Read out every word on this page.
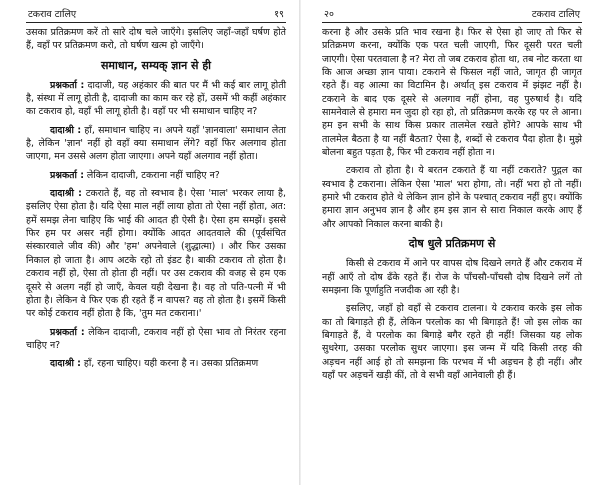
टकराव टालिए	१९

उसका प्रतिक्रमण करें तो सारे दोष चले जाएँगे। इसलिए जहाँ-जहाँ घर्षण होते हैं, वहाँ पर प्रतिक्रमण करो, तो घर्षण खत्म हो जाएँगे।

समाधान, सम्यक् ज्ञान से ही

प्रश्नकर्ता : दादाजी, यह अहंकार की बात पर मैं भी कई बार लागू होती है, संस्था में लागू होती है, दादाजी का काम कर रहे हों, उसमें भी कहीं अहंकार का टकराव हो, वहाँ भी लागू होती है। वहाँ पर भी समाधान चाहिए न?

दादाश्री : हाँ, समाधान चाहिए न। अपने यहाँ 'ज्ञानवाला' समाधान लेता है, लेकिन 'ज्ञान' नहीं हो वहाँ क्या समाधान लेंगे? वहाँ फिर अलगाव होता जाएगा, मन उससे अलग होता जाएगा। अपने यहाँ अलगाव नहीं होता।

प्रश्नकर्ता : लेकिन दादाजी, टकराना नहीं चाहिए न?

दादाश्री : टकराते हैं, वह तो स्वभाव है। ऐसा 'माल' भरकर लाया है, इसलिए ऐसा होता है। यदि ऐसा माल नहीं लाया होता तो ऐसा नहीं होता, अत: हमें समझ लेना चाहिए कि भाई की आदत ही ऐसी है। ऐसा हम समझें। इससे फिर हम पर असर नहीं होगा। क्योंकि आदत आदतवाले की (पूर्वसंचित संस्कारवाले जीव की) और 'हम' अपनेवाले (शुद्धात्मा) । और फिर उसका निकाल हो जाता है। आप अटके रहो तो इंडट है। बाकी टकराव तो होता है। टकराव नहीं हो, ऐसा तो होता ही नहीं। पर उस टकराव की वजह से हम एक दूसरे से अलग नहीं हो जाएँ, केवल यही देखना है। वह तो पति-पत्नी में भी होता है। लेकिन वे फिर एक ही रहते हैं न वापस? वह तो होता है। इसमें किसी पर कोई टकराव नहीं होता है कि, 'तुम मत टकराना।'

प्रश्नकर्ता : लेकिन दादाजी, टकराव नहीं हो ऐसा भाव तो निरंतर रहना चाहिए न?

दादाश्री : हाँ, रहना चाहिए। यही करना है न। उसका प्रतिक्रमण

२०	टकराव टालिए

करना है और उसके प्रति भाव रखना है। फिर से ऐसा हो जाए तो फिर से प्रतिक्रमण करना, क्योंकि एक परत चली जाएगी, फिर दूसरी परत चली जाएगी। ऐसा परतवाला है न? मेरा तो जब टकराव होता था, तब नोट करता था कि आज अच्छा ज्ञान पाया। टकराने से फिसल नहीं जाते, जागृत ही जागृत रहते हैं। वह आत्मा का विटामिन है। अर्थात् इस टकराव में झंझट नहीं है। टकराने के बाद एक दूसरे से अलगाव नहीं होना, वह पुरुषार्थ है। यदि सामनेवाले से हमारा मन जुदा हो रहा हो, तो प्रतिक्रमण करके रह पर ले आना। हम इन सभी के साथ किस प्रकार तालमेल रखते होंगे? आपके साथ भी तालमेल बैठता है या नहीं बैठता? ऐसा है, शब्दों से टकराव पैदा होता है। मुझे बोलना बहुत पड़ता है, फिर भी टकराव नहीं होता न।

टकराव तो होता है। ये बरतन टकराते हैं या नहीं टकराते? पुद्गल का स्वभाव है टकराना। लेकिन ऐसा 'माल' भरा होगा, तो। नहीं भरा हो तो नहीं। हमारे भी टकराव होते थे लेकिन ज्ञान होने के पश्चात् टकराव नहीं हुए। क्योंकि हमारा ज्ञान अनुभव ज्ञान है और हम इस ज्ञान से सारा निकाल करके आए हैं और आपको निकाल करना बाकी है।

दोष धुले प्रतिक्रमण से

किसी से टकराव में आने पर वापस दोष दिखने लगते हैं और टकराव में नहीं आएँ तो दोष ढँके रहते हैं। रोज के पाँचसौ-पाँचसौ दोष दिखने लगें तो समझना कि पूर्णाहुति नजदीक आ रही है।

इसलिए, जहाँ हो वहाँ से टकराव टालना। ये टकराव करके इस लोक का तो बिगाड़ते ही हैं, लेकिन परलोक का भी बिगाड़ते हैं! जो इस लोक का बिगाड़ते हैं, वे परलोक का बिगाड़े बगैर रहते ही नहीं! जिसका यह लोक सुधरेगा, उसका परलोक सुधर जाएगा। इस जन्म में यदि किसी तरह की अड़चन नहीं आई हो तो समझना कि परभव में भी अड़चन है ही नहीं। और यहाँ पर अड़चनें खड़ी कीं, तो वे सभी वहाँ आनेवाली ही हैं।
